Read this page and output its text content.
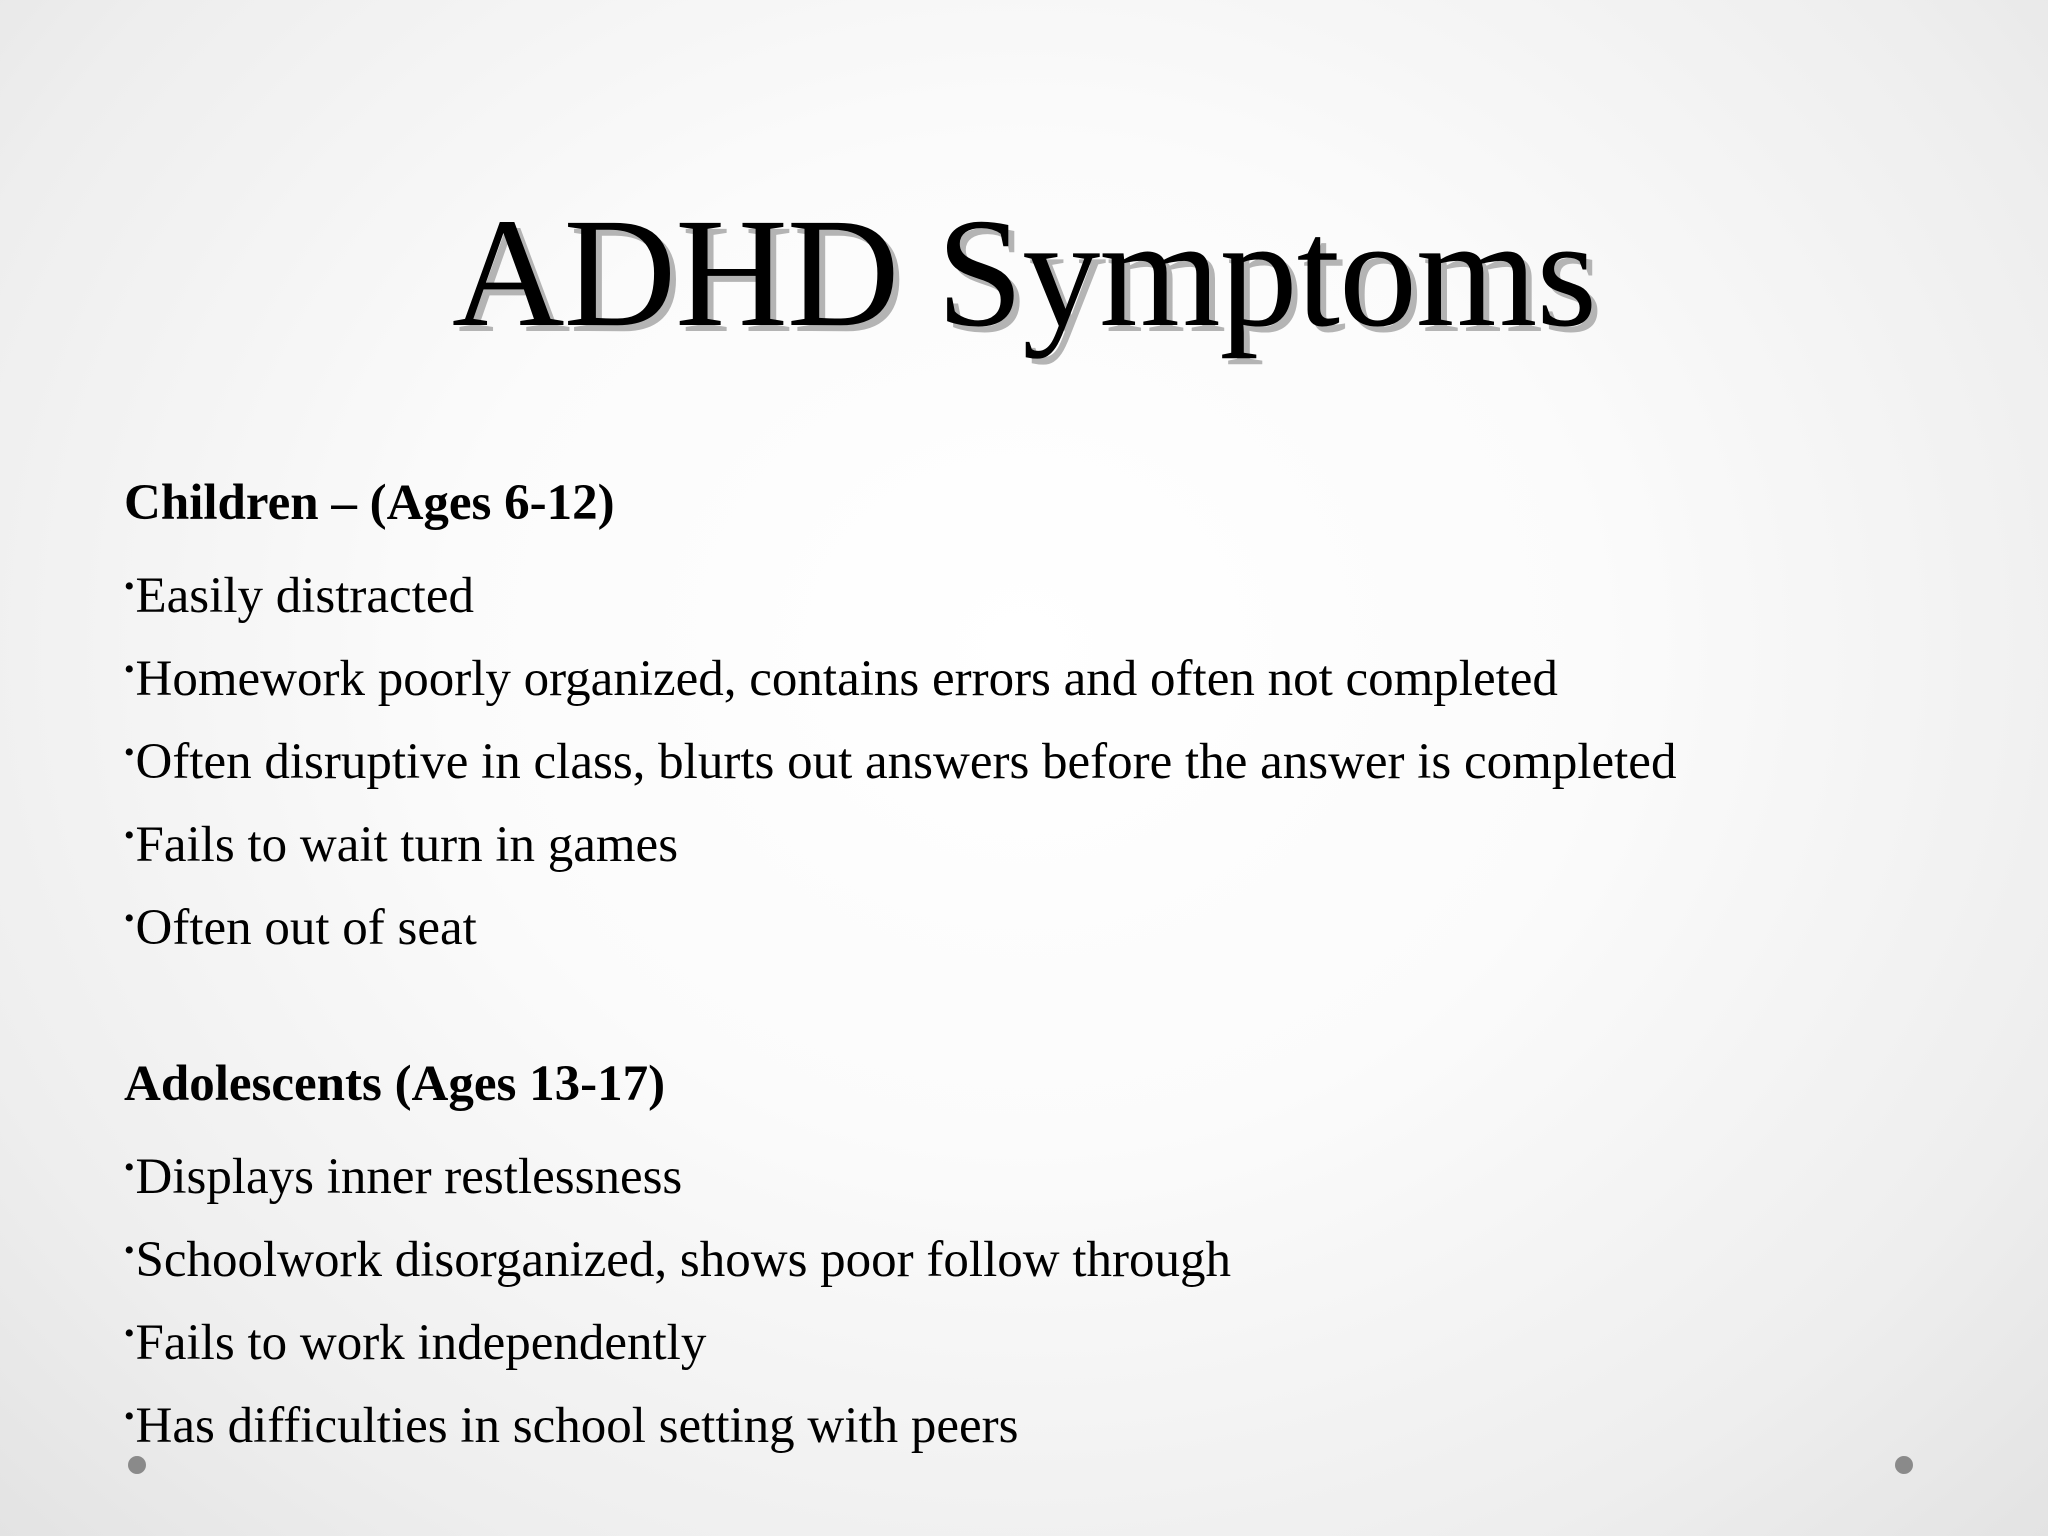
ADHD Symptoms
Children – (Ages 6-12)
•Easily distracted
•Homework poorly organized, contains errors and often not completed
•Often disruptive in class, blurts out answers before the answer is completed
•Fails to wait turn in games
•Often out of seat
Adolescents (Ages 13-17)
•Displays inner restlessness
•Schoolwork disorganized, shows poor follow through
•Fails to work independently
•Has difficulties in school setting with peers
